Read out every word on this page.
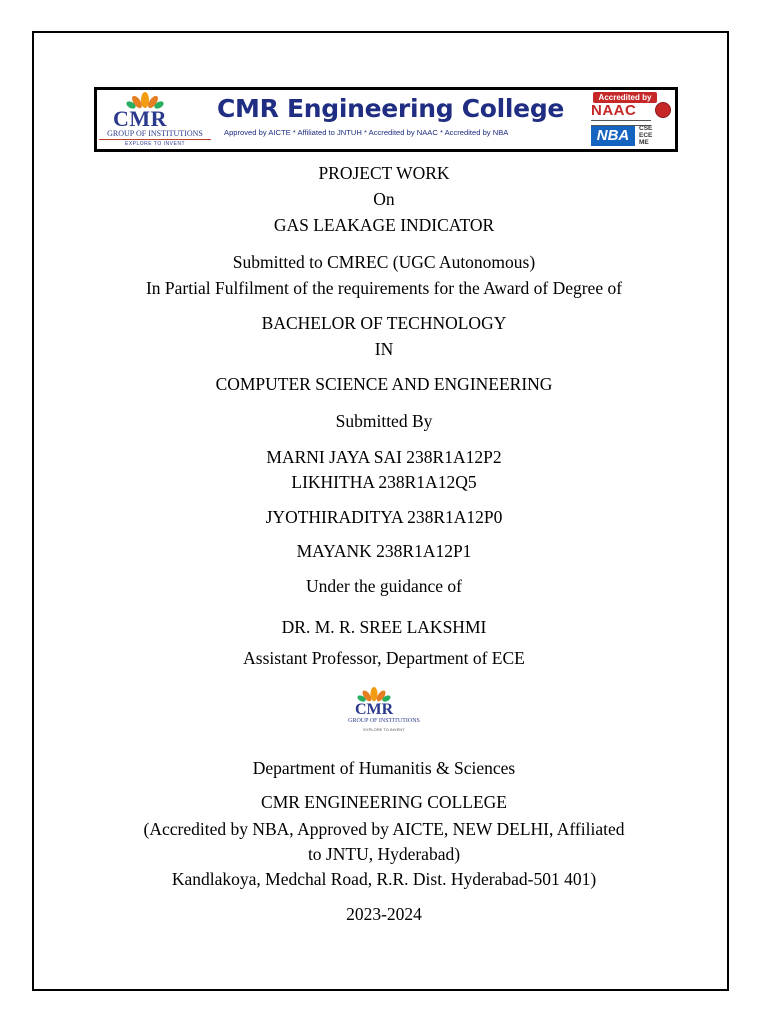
CMR
GROUP OF INSTITUTIONS
EXPLORE TO INVENT
CMR Engineering College
Approved by AICTE * Affiliated to JNTUH * Accredited by NAAC * Accredited by NBA
Accredited by
NAAC
NBA	CSE
ECE
ME
PROJECT WORK
On
GAS LEAKAGE INDICATOR
Submitted to CMREC (UGC Autonomous)
In Partial Fulfilment of the requirements for the Award of Degree of
BACHELOR OF TECHNOLOGY
IN
COMPUTER SCIENCE AND ENGINEERING
Submitted By
MARNI JAYA SAI 238R1A12P2
LIKHITHA 238R1A12Q5
JYOTHIRADITYA 238R1A12P0
MAYANK 238R1A12P1
Under the guidance of
DR. M. R. SREE LAKSHMI
Assistant Professor, Department of ECE
CMR
GROUP OF INSTITUTIONS
EXPLORE TO INVENT
Department of Humanitis & Sciences
CMR ENGINEERING COLLEGE
(Accredited by NBA, Approved by AICTE, NEW DELHI, Affiliated
to JNTU, Hyderabad)
Kandlakoya, Medchal Road, R.R. Dist. Hyderabad-501 401)
2023-2024
